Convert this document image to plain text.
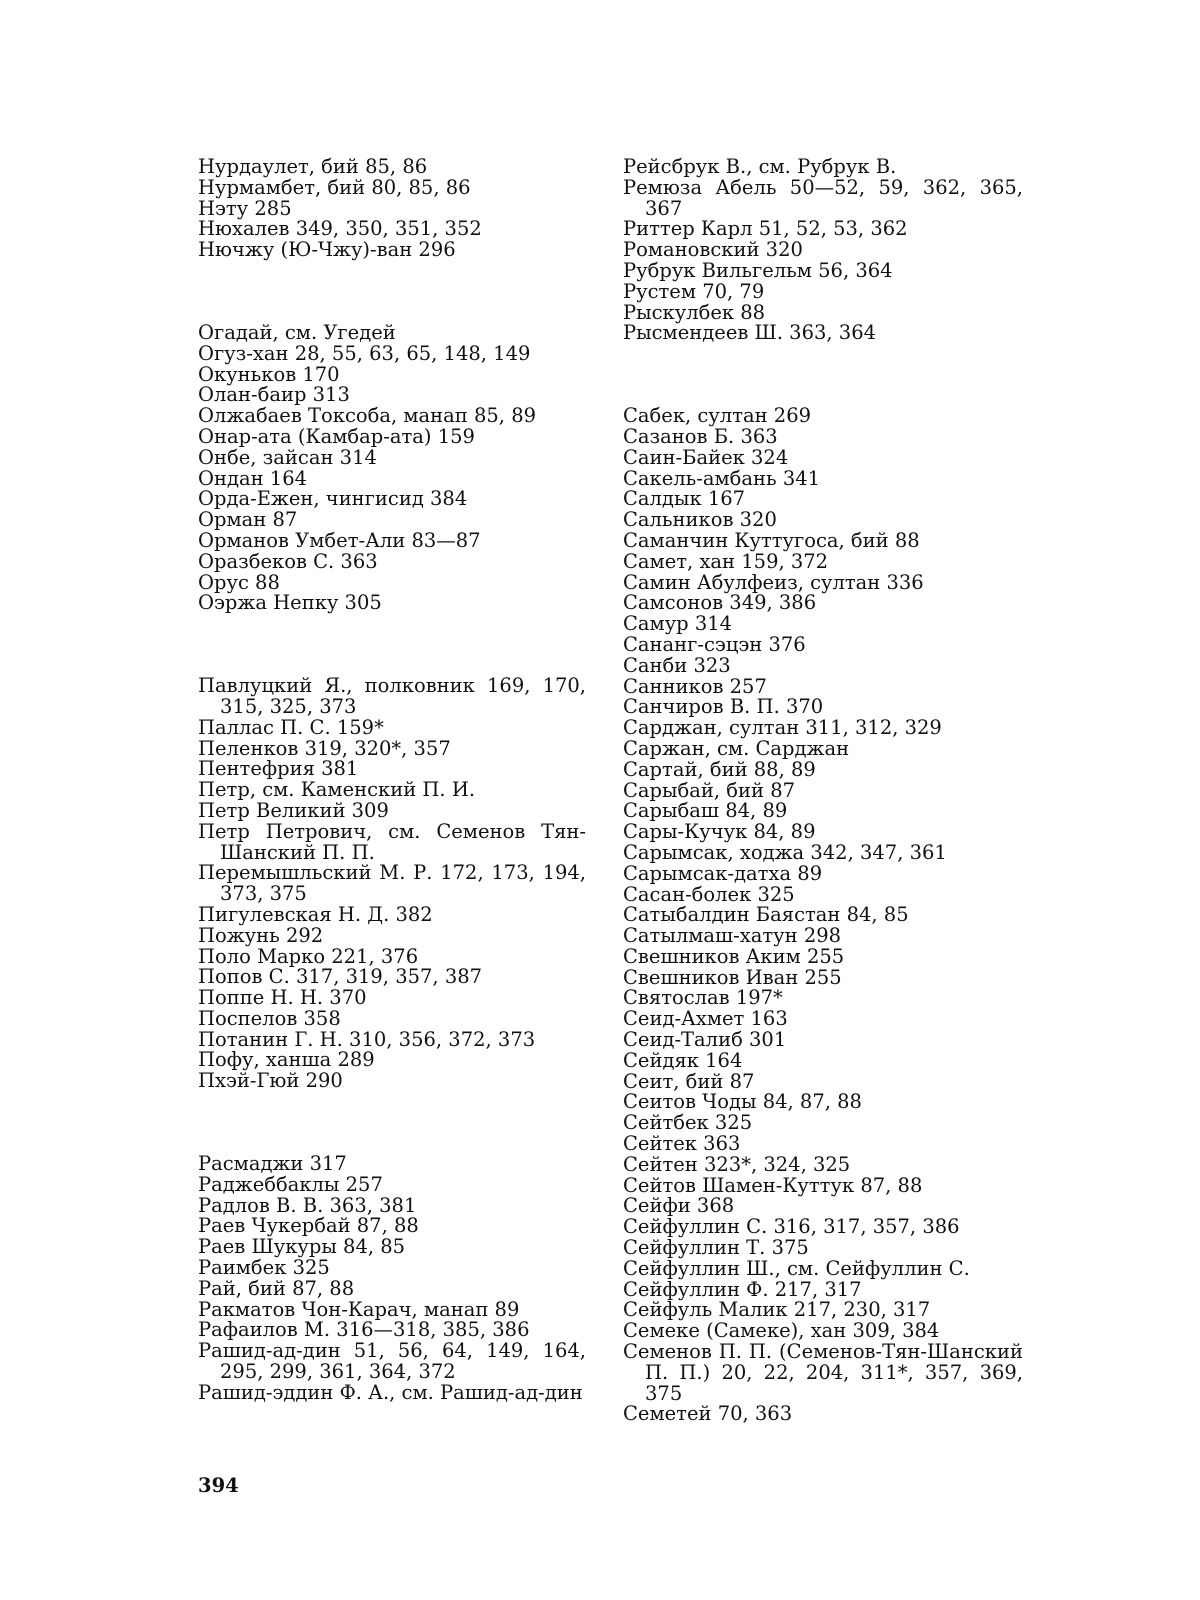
Нурдаулет, бий 85, 86

Нурмамбет, бий 80, 85, 86

Нэту 285

Нюхалев 349, 350, 351, 352

Нючжу (Ю-Чжу)-ван 296

Огадай, см. Угедей

Огуз-хан 28, 55, 63, 65, 148, 149

Окуньков 170

Олан-баир 313

Олжабаев Токсоба, манап 85, 89

Онар-ата (Камбар-ата) 159

Онбе, зайсан 314

Ондан 164

Орда-Ежен, чингисид 384

Орман 87

Орманов Умбет-Али 83—87

Оразбеков С. 363

Орус 88

Оэржа Непку 305

Павлуцкий Я., полковник 169, 170, 315, 325, 373

Паллас П. С. 159*

Пеленков 319, 320*, 357

Пентефрия 381

Петр, см. Каменский П. И.

Петр Великий 309

Петр Петрович, см. Семенов Тян-Шанский П. П.

Перемышльский М. Р. 172, 173, 194, 373, 375

Пигулевская Н. Д. 382

Пожунь 292

Поло Марко 221, 376

Попов С. 317, 319, 357, 387

Поппе Н. Н. 370

Поспелов 358

Потанин Г. Н. 310, 356, 372, 373

Пофу, ханша 289

Пхэй-Гюй 290

Расмаджи 317

Раджеббаклы 257

Радлов В. В. 363, 381

Раев Чукербай 87, 88

Раев Шукуры 84, 85

Раимбек 325

Рай, бий 87, 88

Ракматов Чон-Карач, манап 89

Рафаилов М. 316—318, 385, 386

Рашид-ад-дин 51, 56, 64, 149, 164, 295, 299, 361, 364, 372

Рашид-эддин Ф. А., см. Рашид-ад-дин

Рейсбрук В., см. Рубрук В.

Ремюза Абель 50—52, 59, 362, 365, 367

Риттер Карл 51, 52, 53, 362

Романовский 320

Рубрук Вильгельм 56, 364

Рустем 70, 79

Рыскулбек 88

Рысмендеев Ш. 363, 364

Сабек, султан 269

Сазанов Б. 363

Саин-Байек 324

Сакель-амбань 341

Салдык 167

Сальников 320

Саманчин Куттугоса, бий 88

Самет, хан 159, 372

Самин Абулфеиз, султан 336

Самсонов 349, 386

Самур 314

Сананг-сэцэн 376

Санби 323

Санников 257

Санчиров В. П. 370

Сарджан, султан 311, 312, 329

Саржан, см. Сарджан

Сартай, бий 88, 89

Сарыбай, бий 87

Сарыбаш 84, 89

Сары-Кучук 84, 89

Сарымсак, ходжа 342, 347, 361

Сарымсак-датха 89

Сасан-болек 325

Сатыбалдин Баястан 84, 85

Сатылмаш-хатун 298

Свешников Аким 255

Свешников Иван 255

Святослав 197*

Сеид-Ахмет 163

Сеид-Талиб 301

Сейдяк 164

Сеит, бий 87

Сеитов Чоды 84, 87, 88

Сейтбек 325

Сейтек 363

Сейтен 323*, 324, 325

Сейтов Шамен-Куттук 87, 88

Сейфи 368

Сейфуллин С. 316, 317, 357, 386

Сейфуллин Т. 375

Сейфуллин Ш., см. Сейфуллин С.

Сейфуллин Ф. 217, 317

Сейфуль Малик 217, 230, 317

Семеке (Самеке), хан 309, 384

Семенов П. П. (Семенов-Тян-Шанский П. П.) 20, 22, 204, 311*, 357, 369, 375

Семетей 70, 363

394
